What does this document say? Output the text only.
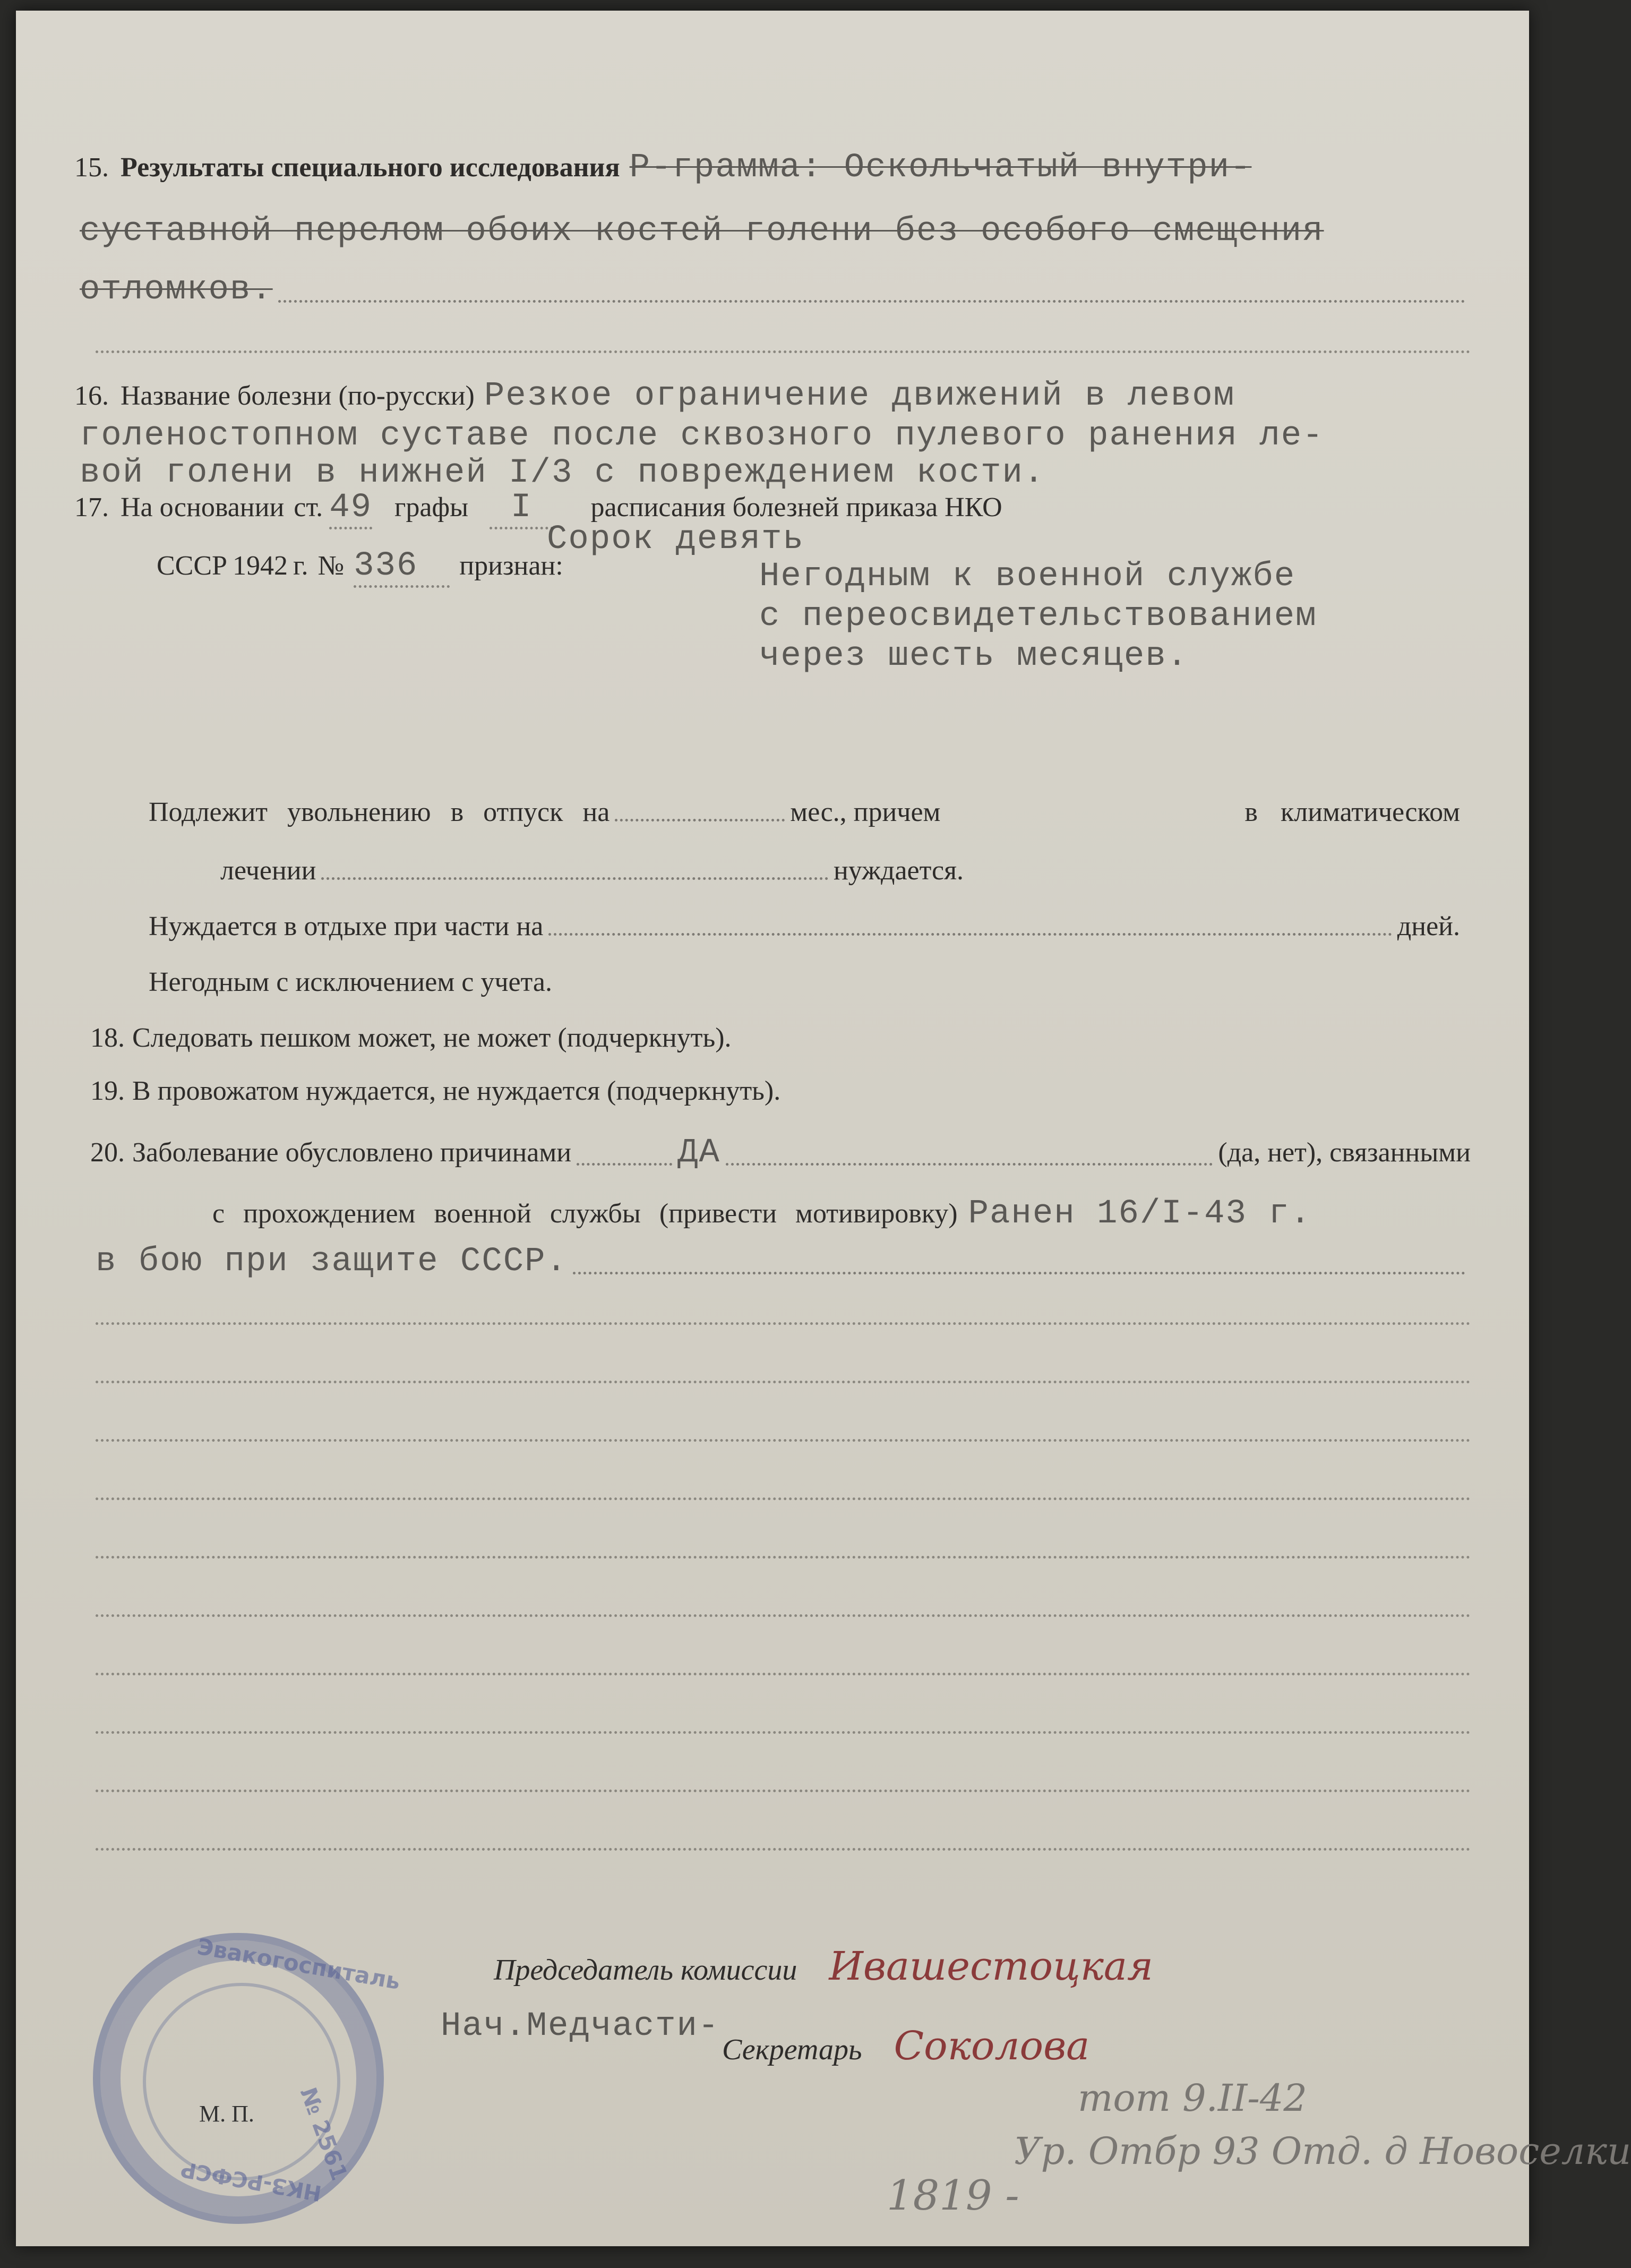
15. Результаты специального исследования Р-грамма: Оскольчатый внутри-
суставной перелом обоих костей голени без особого смещения
отломков.
16. Название болезни (по-русски) Резкое ограничение движений в левом
голеностопном суставе после сквозного пулевого ранения ле-
вой голени в нижней I/3 с повреждением кости.
17. На основании ст. 49 графы	I	расписания болезней приказа НКО
Сорок девять
СССР 1942 г. № 336	признан:	Негодным к военной службе
с переосвидетельствованием
через шесть месяцев.
Подлежит увольнению в отпуск на	мес., причем	в климатическом
лечении	нуждается.
Нуждается в отдыхе при части на	дней.
Негодным с исключением с учета.
18. Следовать пешком может, не может (подчеркнуть).
19. В провожатом нуждается, не нуждается (подчеркнуть).
20. Заболевание обусловлено причинами	ДА	(да, нет), связанными
с прохождением военной службы (привести мотивировку) Ранен 16/I-43 г.
в бою при защите СССР.
Председатель комиссии Ивашестоцкая
Нач.Медчасти-
Секретарь Соколова
тот 9.II-42
Ур. Отбр 93 Отд. д Новоселки
1819 -
Эвакогоспиталь
№ 2561
НКЗ-РСФСР
М. П.
